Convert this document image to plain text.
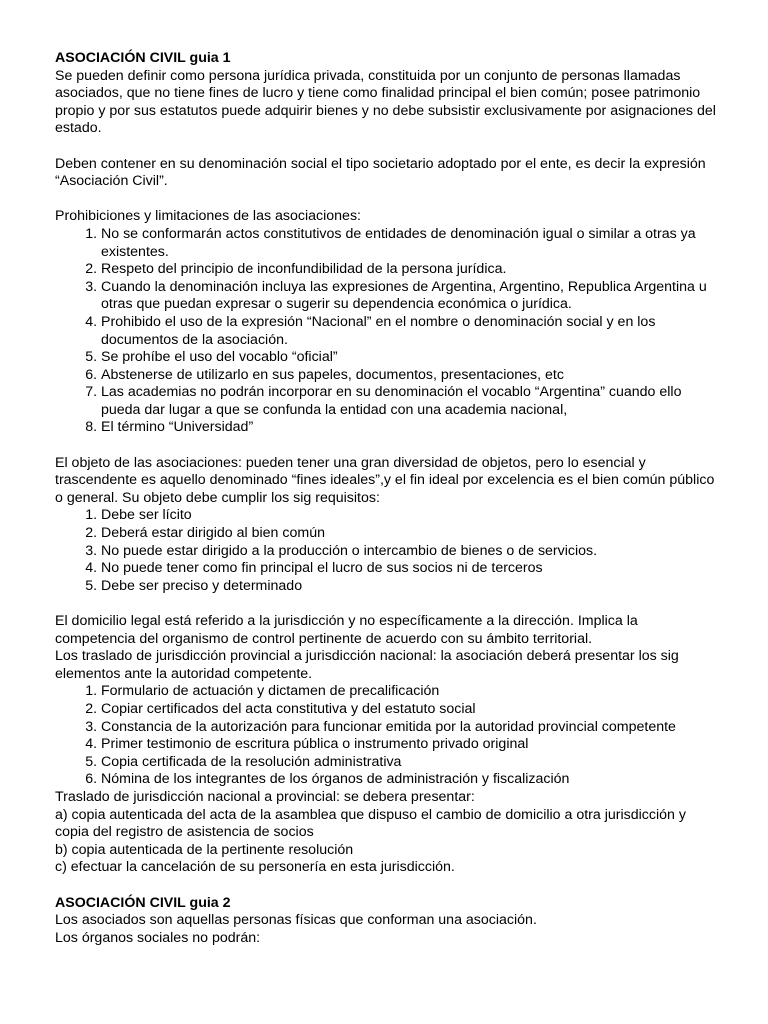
ASOCIACIÓN CIVIL guia 1

Se pueden definir como persona jurídica privada, constituida por un conjunto de personas llamadas asociados, que no tiene fines de lucro y tiene como finalidad principal el bien común; posee patrimonio propio y por sus estatutos puede adquirir bienes y no debe subsistir exclusivamente por asignaciones del estado.

Deben contener en su denominación social el tipo societario adoptado por el ente, es decir la expresión “Asociación Civil”.

Prohibiciones y limitaciones de las asociaciones:

1. No se conformarán actos constitutivos de entidades de denominación igual o similar a otras ya existentes.
2. Respeto del principio de inconfundibilidad de la persona jurídica.
3. Cuando la denominación incluya las expresiones de Argentina, Argentino, Republica Argentina u otras que puedan expresar o sugerir su dependencia económica o jurídica.
4. Prohibido el uso de la expresión “Nacional” en el nombre o denominación social y en los documentos de la asociación.
5. Se prohíbe el uso del vocablo “oficial”
6. Abstenerse de utilizarlo en sus papeles, documentos, presentaciones, etc
7. Las academias no podrán incorporar en su denominación el vocablo “Argentina” cuando ello pueda dar lugar a que se confunda la entidad con una academia nacional,
8. El término “Universidad”

El objeto de las asociaciones: pueden tener una gran diversidad de objetos, pero lo esencial y trascendente es aquello denominado “fines ideales”,y el fin ideal por excelencia es el bien común público o general. Su objeto debe cumplir los sig requisitos:

1. Debe ser lícito
2. Deberá estar dirigido al bien común
3. No puede estar dirigido a la producción o intercambio de bienes o de servicios.
4. No puede tener como fin principal el lucro de sus socios ni de terceros
5. Debe ser preciso y determinado

El domicilio legal está referido a la jurisdicción y no específicamente a la dirección. Implica la competencia del organismo de control pertinente de acuerdo con su ámbito territorial.

Los traslado de jurisdicción provincial a jurisdicción nacional: la asociación deberá presentar los sig elementos ante la autoridad competente.

1. Formulario de actuación y dictamen de precalificación
2. Copiar certificados del acta constitutiva y del estatuto social
3. Constancia de la autorización para funcionar emitida por la autoridad provincial competente
4. Primer testimonio de escritura pública o instrumento privado original
5. Copia certificada de la resolución administrativa
6. Nómina de los integrantes de los órganos de administración y fiscalización

Traslado de jurisdicción nacional a provincial: se debera presentar:

a) copia autenticada del acta de la asamblea que dispuso el cambio de domicilio a otra jurisdicción y copia del registro de asistencia de socios

b) copia autenticada de la pertinente resolución

c) efectuar la cancelación de su personería en esta jurisdicción.

ASOCIACIÓN CIVIL guia 2

Los asociados son aquellas personas físicas que conforman una asociación.

Los órganos sociales no podrán:
